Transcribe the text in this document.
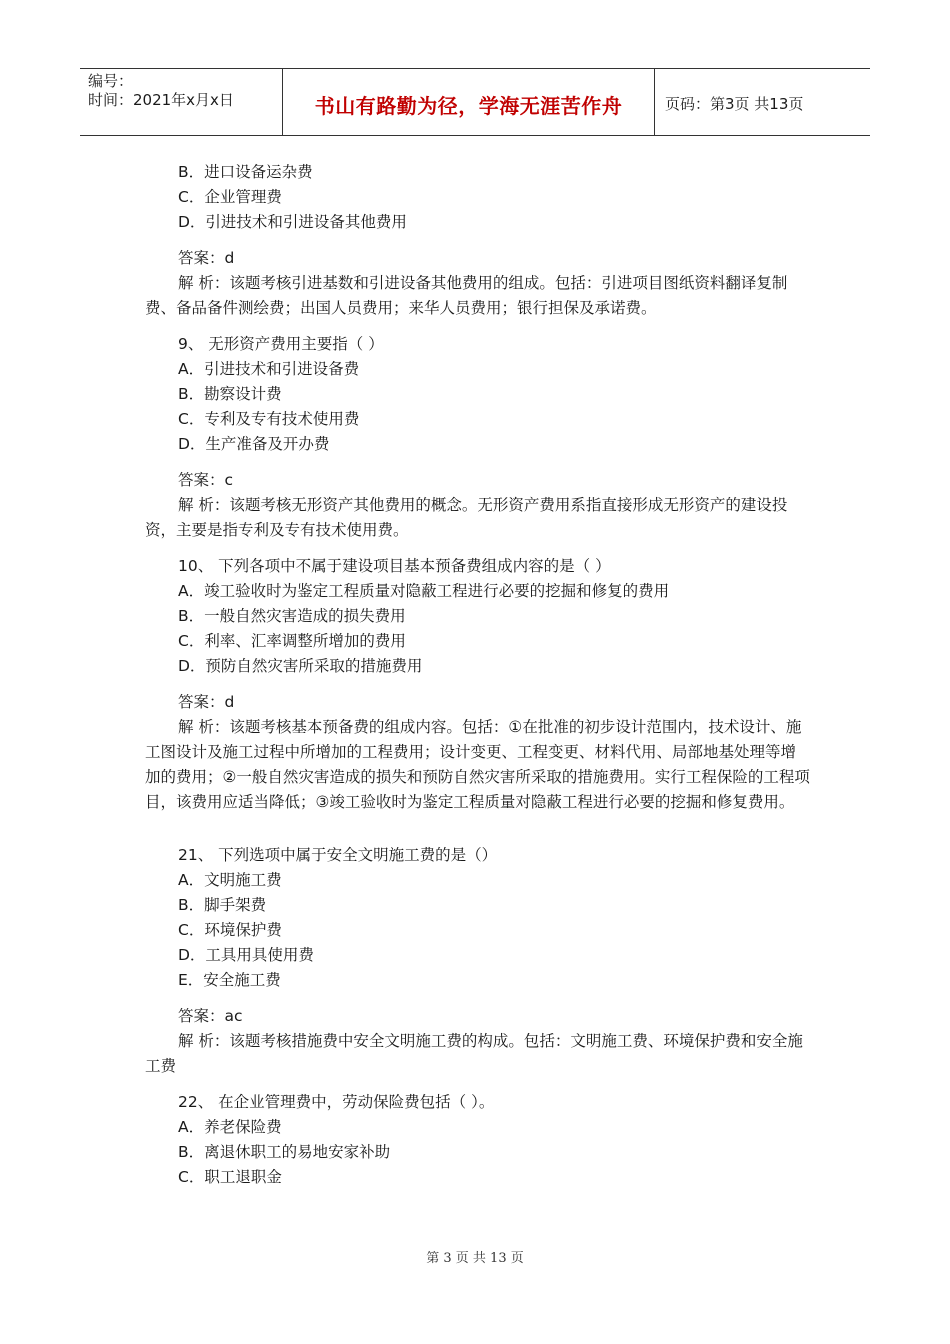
编号：
时间：2021年x月x日	书山有路勤为径，学海无涯苦作舟	页码：第3页 共13页

B．进口设备运杂费

C．企业管理费

D．引进技术和引进设备其他费用

答案：d

解 析：该题考核引进基数和引进设备其他费用的组成。包括：引进项目图纸资料翻译复制费、备品备件测绘费；出国人员费用；来华人员费用；银行担保及承诺费。

9、 无形资产费用主要指（ ）

A．引进技术和引进设备费

B．勘察设计费

C．专利及专有技术使用费

D．生产准备及开办费

答案：c

解 析：该题考核无形资产其他费用的概念。无形资产费用系指直接形成无形资产的建设投资，主要是指专利及专有技术使用费。

10、 下列各项中不属于建设项目基本预备费组成内容的是（ ）

A．竣工验收时为鉴定工程质量对隐蔽工程进行必要的挖掘和修复的费用

B．一般自然灾害造成的损失费用

C．利率、汇率调整所增加的费用

D．预防自然灾害所采取的措施费用

答案：d

解 析：该题考核基本预备费的组成内容。包括：①在批准的初步设计范围内，技术设计、施工图设计及施工过程中所增加的工程费用；设计变更、工程变更、材料代用、局部地基处理等增加的费用；②一般自然灾害造成的损失和预防自然灾害所采取的措施费用。实行工程保险的工程项目，该费用应适当降低；③竣工验收时为鉴定工程质量对隐蔽工程进行必要的挖掘和修复费用。

21、 下列选项中属于安全文明施工费的是（）

A．文明施工费

B．脚手架费

C．环境保护费

D．工具用具使用费

E．安全施工费

答案：ac

解 析：该题考核措施费中安全文明施工费的构成。包括：文明施工费、环境保护费和安全施工费

22、 在企业管理费中，劳动保险费包括（ ）。

A．养老保险费

B．离退休职工的易地安家补助

C．职工退职金

第 3 页 共 13 页
